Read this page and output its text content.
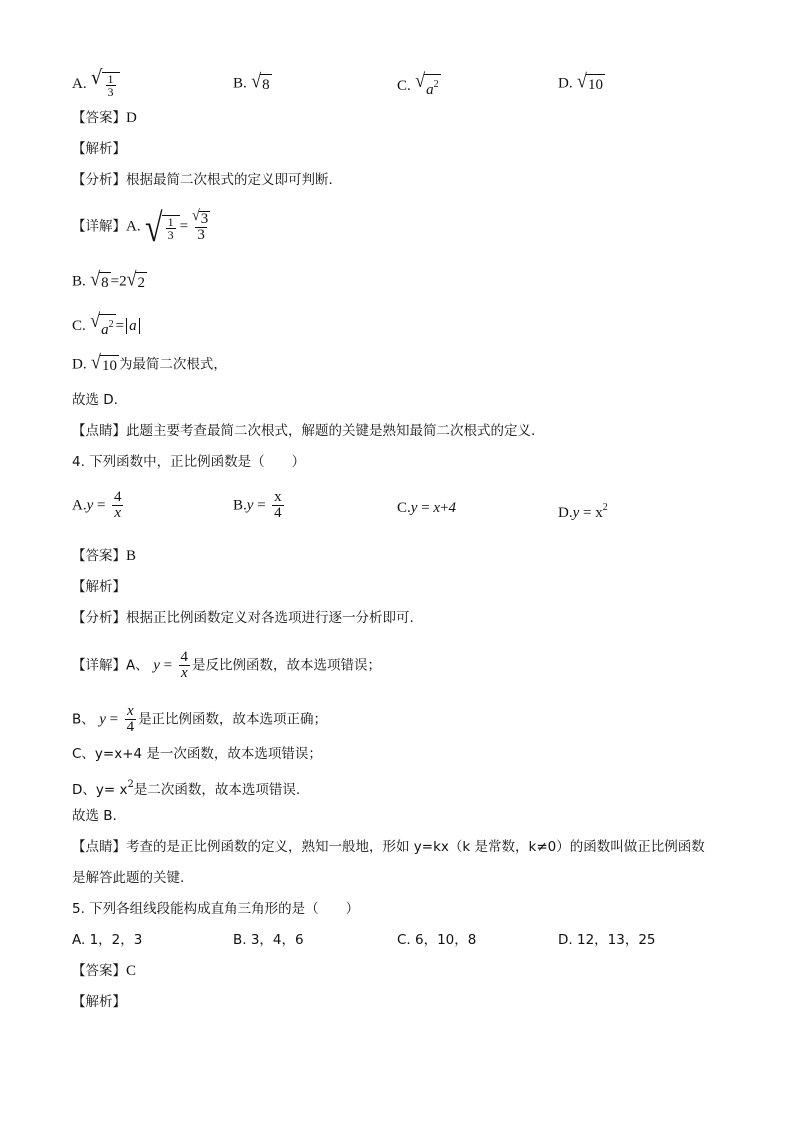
A. √ $\frac{1}{3}$	B. √ 8	C. √ $a^2$	D. √ 10
【答案】D
【解析】
【分析】根据最简二次根式的定义即可判断.
【详解】A. √ $\frac{1}{3} = \frac{√ 3}{3}$
B. √ 8 =2 √ 2
C. √ $a^2 = a$
D. √ 10 为最简二次根式，
故选 D.
【点睛】此题主要考查最简二次根式，解题的关键是熟知最简二次根式的定义.
4. 下列函数中，正比例函数是（　　）
$A.y = \frac{4}{x}$	$B.y = \frac{x}{4}$	C.y = x+4	$D.y = x^2$
【答案】B
【解析】
【分析】根据正比例函数定义对各选项进行逐一分析即可.
【详解】A、 $y = \frac{4}{x}$ 是反比例函数，故本选项错误；
B、 $y = \frac{x}{4}$ 是正比例函数，故本选项正确；
C、y=x+4 是一次函数，故本选项错误；
D、$y= x^2$是二次函数，故本选项错误.
故选 B.
【点睛】考查的是正比例函数的定义，熟知一般地，形如 y=kx（k 是常数，k≠0）的函数叫做正比例函数
是解答此题的关键.
5. 下列各组线段能构成直角三角形的是（　　）
A. 1，2，3	B. 3，4，6	C. 6，10，8	D. 12，13，25
【答案】C
【解析】
